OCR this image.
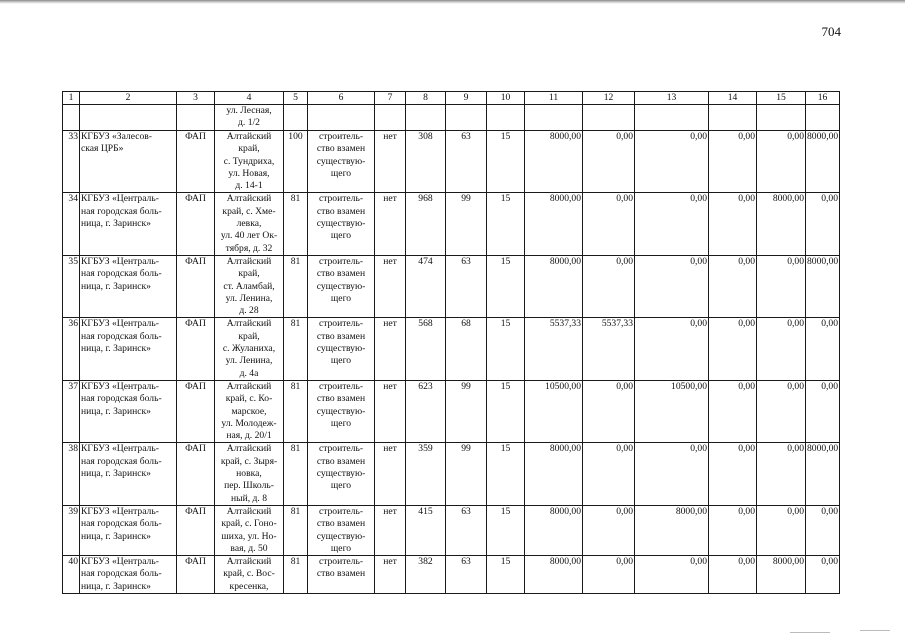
704
1	2	3	4	5	6	7	8	9	10	11	12	13	14	15	16
			ул. Лесная,
д. 1/2												
33	КГБУЗ «Залесов-
ская ЦРБ»	ФАП	Алтайский
край,
с. Тундриха,
ул. Новая,
д. 14-1	100	строитель-
ство взамен
существую-
щего	нет	308	63	15	8000,00	0,00	0,00	0,00	0,00	8000,00
34	КГБУЗ «Централь-
ная городская боль-
ница, г. Заринск»	ФАП	Алтайский
край, с. Хме-
левка,
ул. 40 лет Ок-
тября, д. 32	81	строитель-
ство взамен
существую-
щего	нет	968	99	15	8000,00	0,00	0,00	0,00	8000,00	0,00
35	КГБУЗ «Централь-
ная городская боль-
ница, г. Заринск»	ФАП	Алтайский
край,
ст. Аламбай,
ул. Ленина,
д. 28	81	строитель-
ство взамен
существую-
щего	нет	474	63	15	8000,00	0,00	0,00	0,00	0,00	8000,00
36	КГБУЗ «Централь-
ная городская боль-
ница, г. Заринск»	ФАП	Алтайский
край,
с. Жуланиха,
ул. Ленина,
д. 4а	81	строитель-
ство взамен
существую-
щего	нет	568	68	15	5537,33	5537,33	0,00	0,00	0,00	0,00
37	КГБУЗ «Централь-
ная городская боль-
ница, г. Заринск»	ФАП	Алтайский
край, с. Ко-
марское,
ул. Молодеж-
ная, д. 20/1	81	строитель-
ство взамен
существую-
щего	нет	623	99	15	10500,00	0,00	10500,00	0,00	0,00	0,00
38	КГБУЗ «Централь-
ная городская боль-
ница, г. Заринск»	ФАП	Алтайский
край, с. Зыря-
новка,
пер. Школь-
ный, д. 8	81	строитель-
ство взамен
существую-
щего	нет	359	99	15	8000,00	0,00	0,00	0,00	0,00	8000,00
39	КГБУЗ «Централь-
ная городская боль-
ница, г. Заринск»	ФАП	Алтайский
край, с. Гоно-
шиха, ул. Но-
вая, д. 50	81	строитель-
ство взамен
существую-
щего	нет	415	63	15	8000,00	0,00	8000,00	0,00	0,00	0,00
40	КГБУЗ «Централь-
ная городская боль-
ница, г. Заринск»	ФАП	Алтайский
край, с. Вос-
кресенка,	81	строитель-
ство взамен	нет	382	63	15	8000,00	0,00	0,00	0,00	8000,00	0,00
